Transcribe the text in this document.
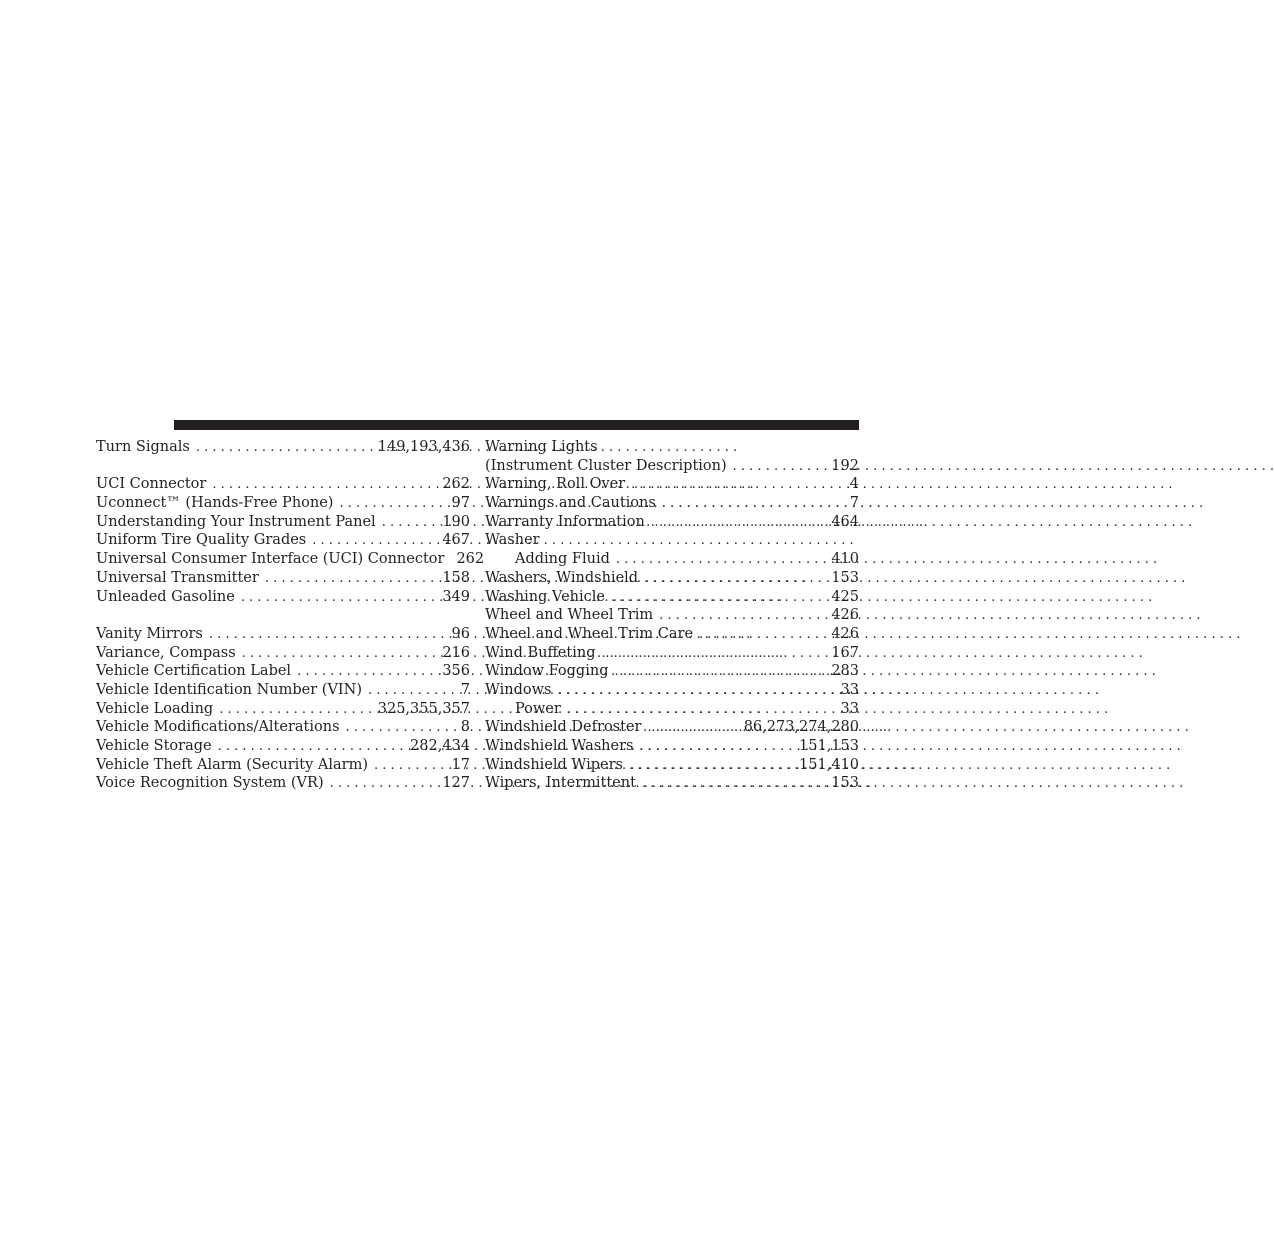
Turn Signals . . .	149,193,436
UCI Connector . . .	262
Uconnect™ (Hands-Free Phone) . . .	97
Understanding Your Instrument Panel . . .	190
Uniform Tire Quality Grades . . .	467
Universal Consumer Interface (UCI) Connector 262
Universal Transmitter . . .	158
Unleaded Gasoline . . .	349
Vanity Mirrors . . .	96
Variance, Compass . . .	216
Vehicle Certification Label . . .	356
Vehicle Identification Number (VIN) . . .	7
Vehicle Loading . . .	325,355,357
Vehicle Modifications/Alterations . . .	8
Vehicle Storage . . .	282,434
Vehicle Theft Alarm (Security Alarm) . . .	17
Voice Recognition System (VR) . . .	127
Warning Lights
(Instrument Cluster Description) . . .	192
Warning, Roll Over . . .	4
Warnings and Cautions . . .	7
Warranty Information . . .	464
Washer
Adding Fluid . . .	410
Washers, Windshield . . .	153
Washing Vehicle . . .	425
Wheel and Wheel Trim . . .	426
Wheel and Wheel Trim Care . . .	426
Wind Buffeting . . .	167
Window Fogging . . .	283
Windows . . .	33
Power . . .	33
Windshield Defroster . . .	86,273,274,280
Windshield Washers . . .	151,153
Windshield Wipers . . .	151,410
Wipers, Intermittent . . .	153
